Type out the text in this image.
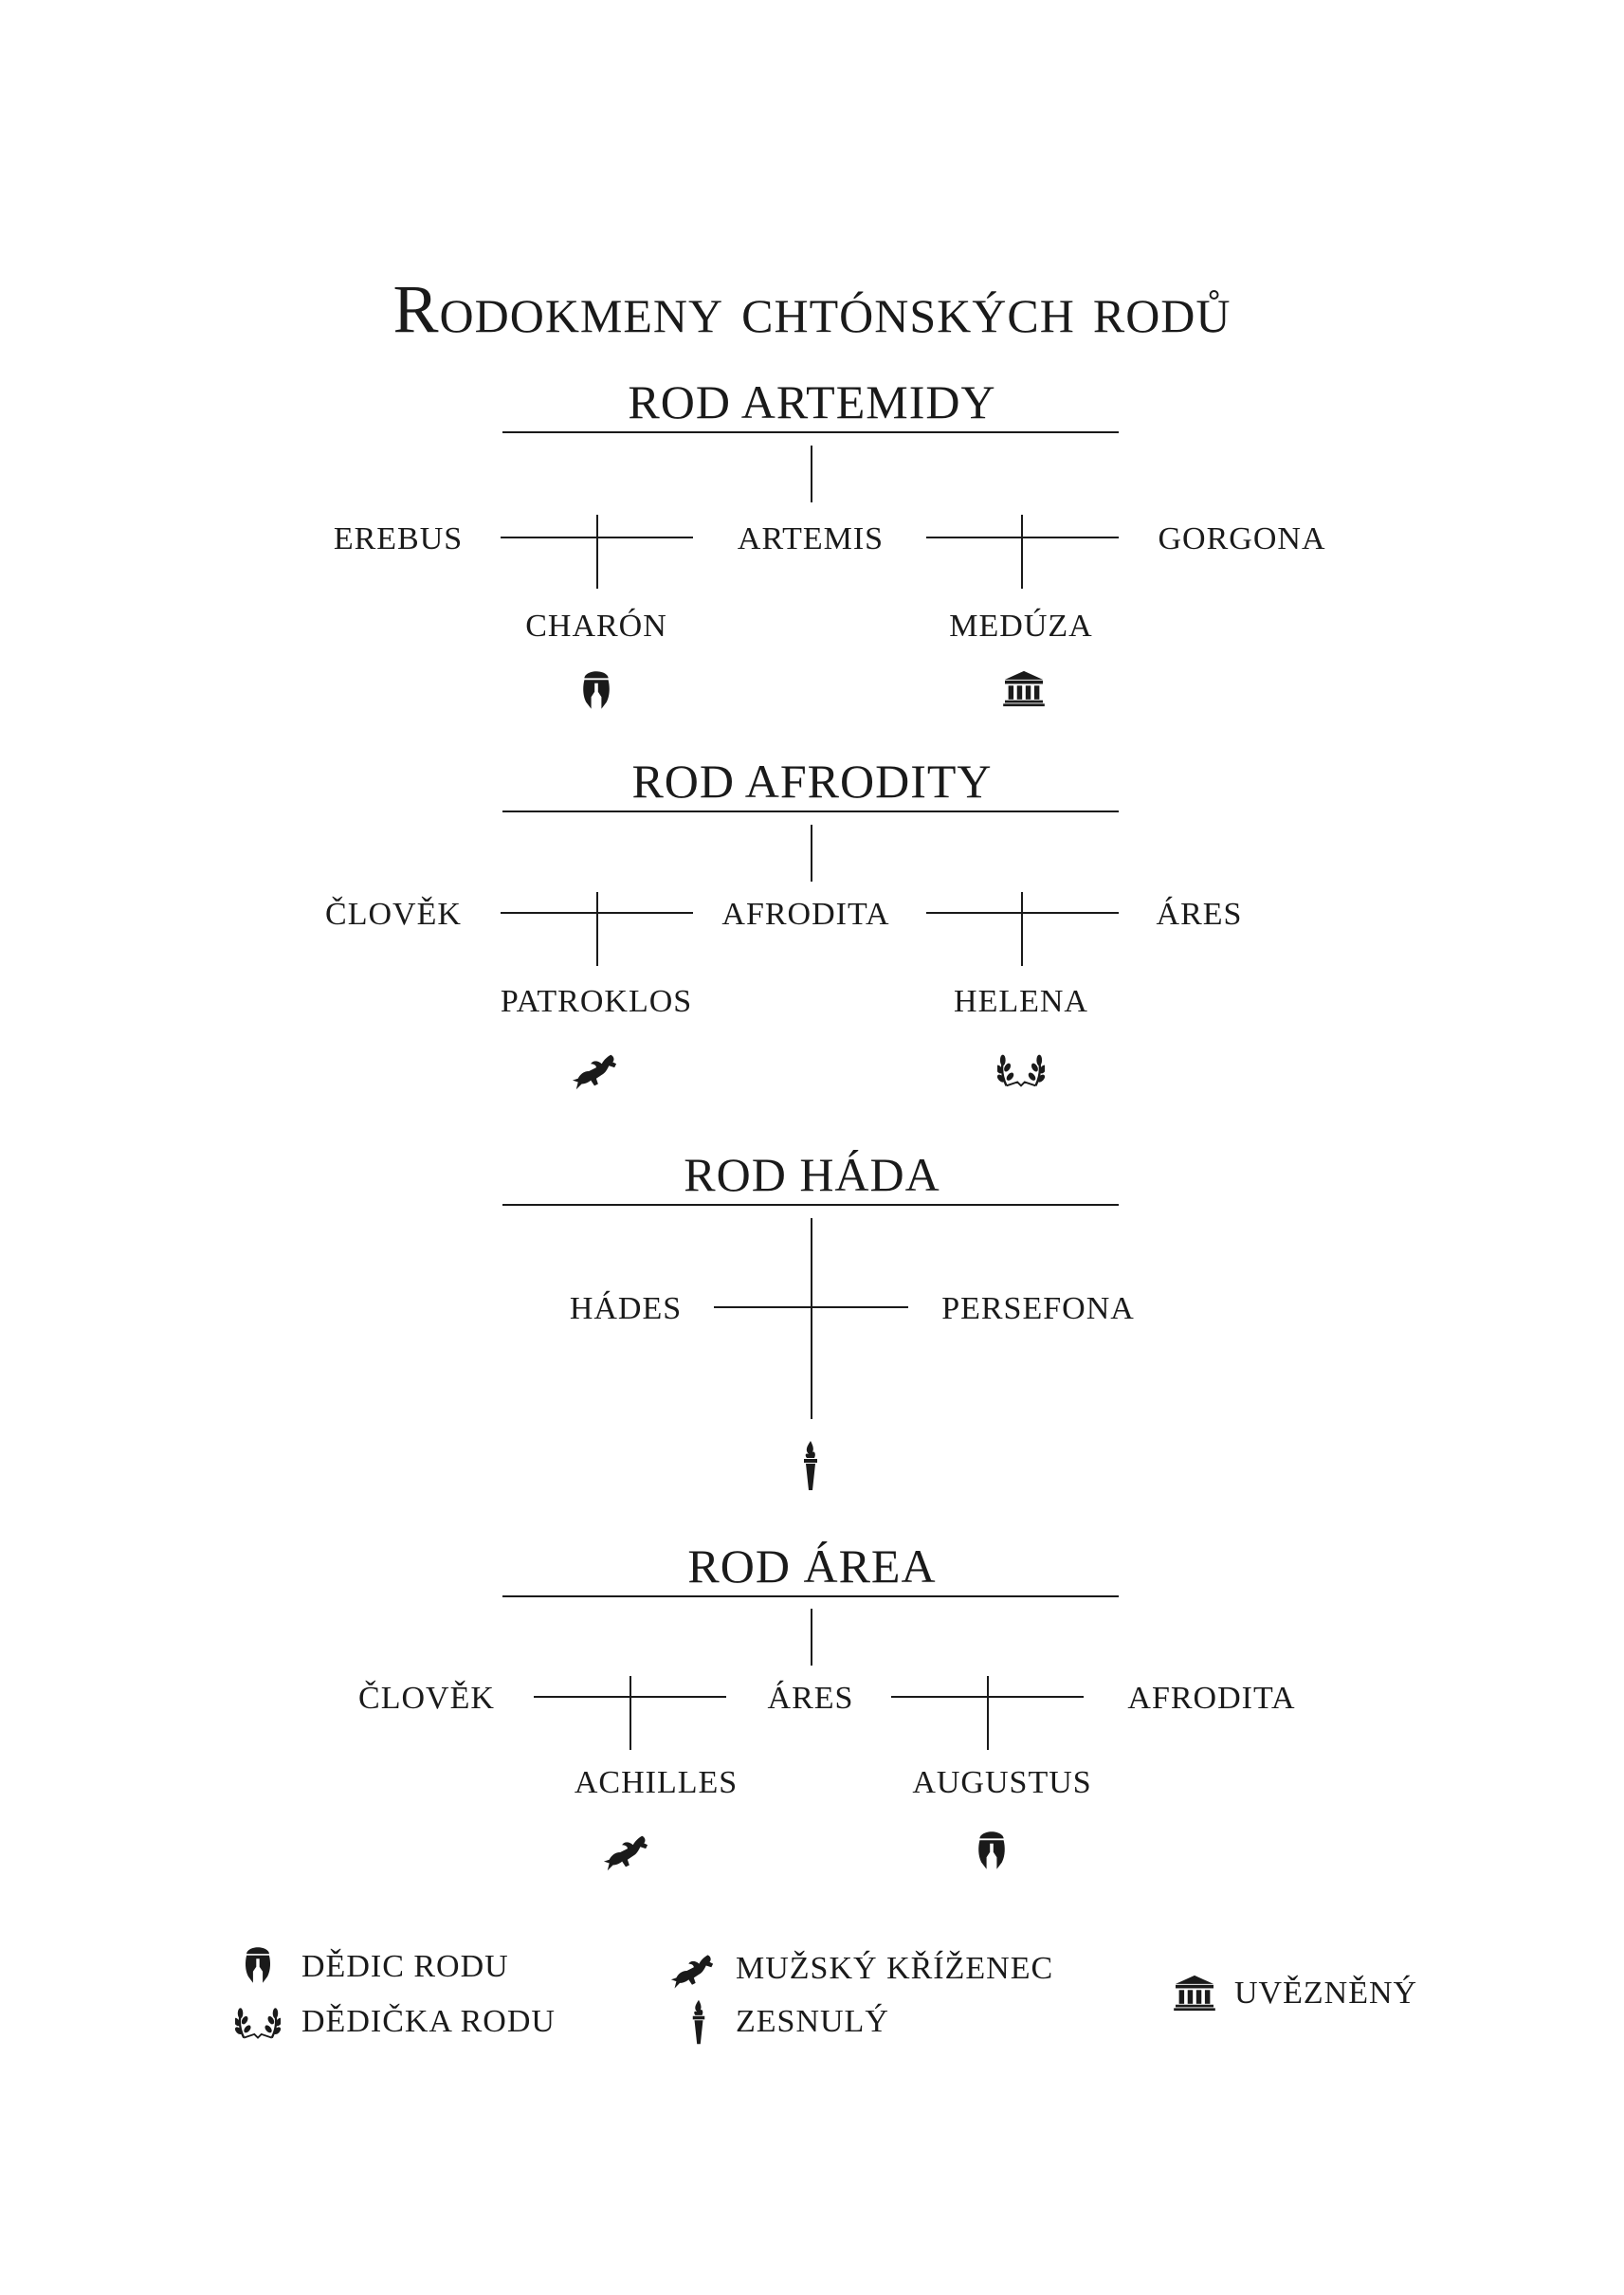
Rodokmeny chtónských rodů
ROD ARTEMIDY
EREBUS	ARTEMIS	GORGONA
CHARÓN	MEDÚZA
ROD AFRODITY
ČLOVĚK	AFRODITA	ÁRES
PATROKLOS	HELENA
ROD HÁDA
HÁDES	PERSEFONA
ROD ÁREA
ČLOVĚK	ÁRES	AFRODITA
ACHILLES	AUGUSTUS
DĚDIC RODU
DĚDIČKA RODU
MUŽSKÝ KŘÍŽENEC
ZESNULÝ
UVĚZNĚNÝ
